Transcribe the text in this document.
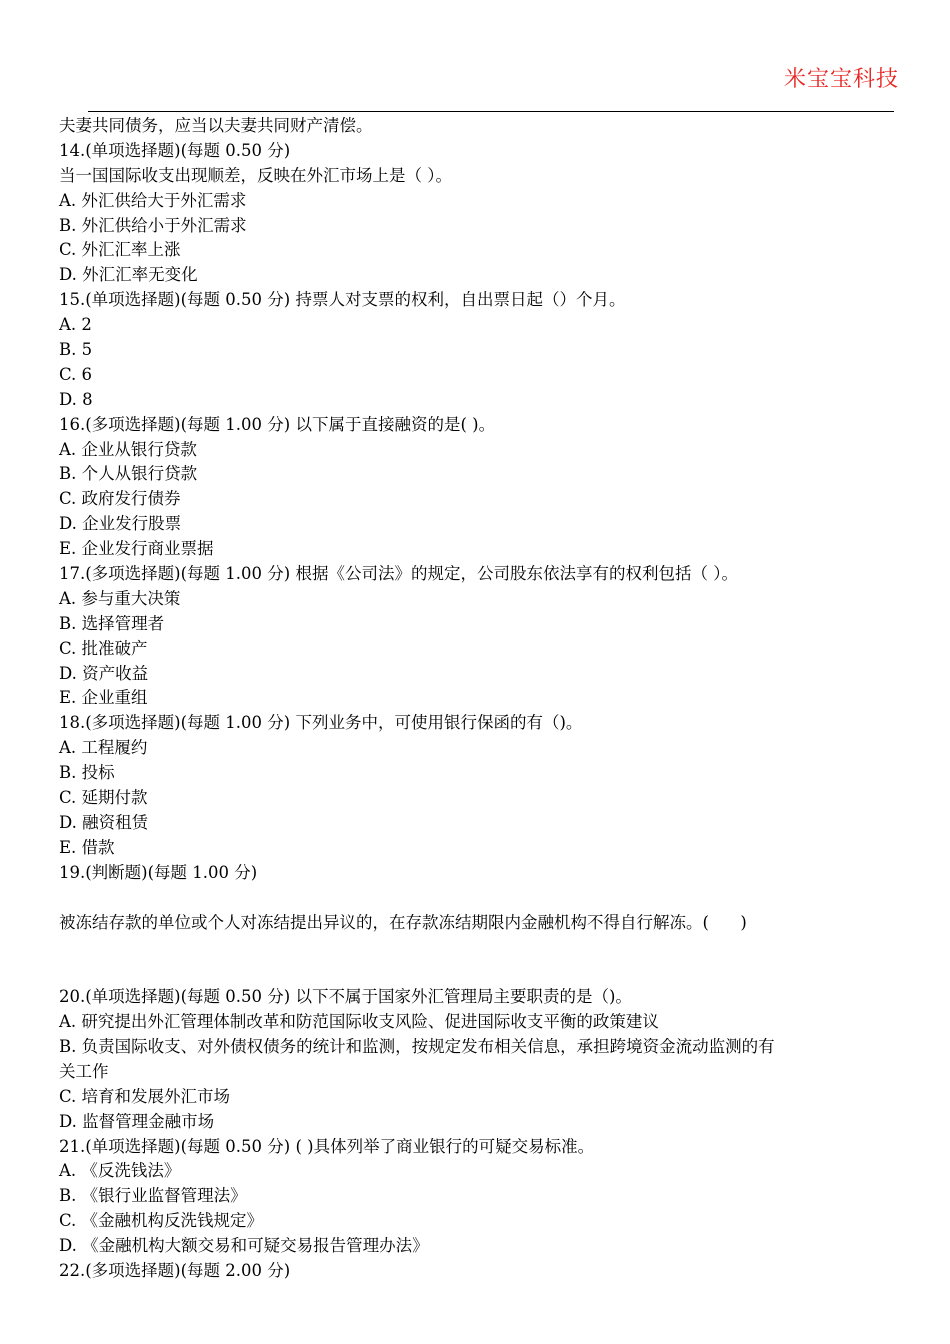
米宝宝科技
夫妻共同债务，应当以夫妻共同财产清偿。
14.(单项选择题)(每题 0.50 分)
当一国国际收支出现顺差，反映在外汇市场上是（ ）。
A. 外汇供给大于外汇需求
B. 外汇供给小于外汇需求
C. 外汇汇率上涨
D. 外汇汇率无变化
15.(单项选择题)(每题 0.50 分) 持票人对支票的权利，自出票日起（）个月。
A. 2
B. 5
C. 6
D. 8
16.(多项选择题)(每题 1.00 分) 以下属于直接融资的是( )。
A. 企业从银行贷款
B. 个人从银行贷款
C. 政府发行债券
D. 企业发行股票
E. 企业发行商业票据
17.(多项选择题)(每题 1.00 分) 根据《公司法》的规定，公司股东依法享有的权利包括（ ）。
A. 参与重大决策
B. 选择管理者
C. 批准破产
D. 资产收益
E. 企业重组
18.(多项选择题)(每题 1.00 分) 下列业务中，可使用银行保函的有（)。
A. 工程履约
B. 投标
C. 延期付款
D. 融资租赁
E. 借款
19.(判断题)(每题 1.00 分)
被冻结存款的单位或个人对冻结提出异议的，在存款冻结期限内金融机构不得自行解冻。(      )
20.(单项选择题)(每题 0.50 分) 以下不属于国家外汇管理局主要职责的是（)。
A. 研究提出外汇管理体制改革和防范国际收支风险、促进国际收支平衡的政策建议
B. 负责国际收支、对外债权债务的统计和监测，按规定发布相关信息，承担跨境资金流动监测的有
关工作
C. 培育和发展外汇市场
D. 监督管理金融市场
21.(单项选择题)(每题 0.50 分) ( )具体列举了商业银行的可疑交易标准。
A. 《反洗钱法》
B. 《银行业监督管理法》
C. 《金融机构反洗钱规定》
D. 《金融机构大额交易和可疑交易报告管理办法》
22.(多项选择题)(每题 2.00 分)
